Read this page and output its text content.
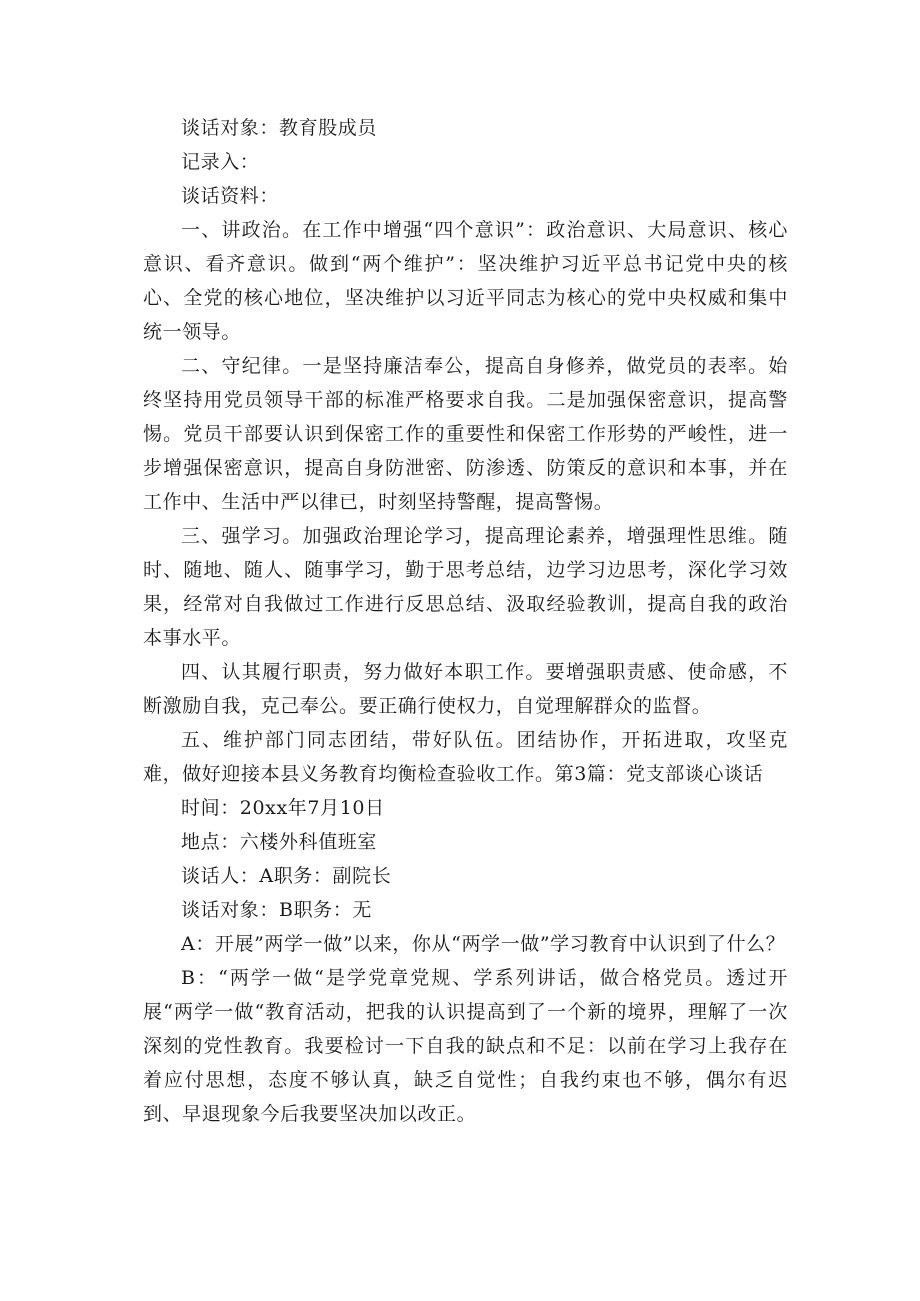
谈话对象：教育股成员

记录入：

谈话资料：

一、讲政治。在工作中增强“四个意识”：政治意识、大局意识、核心意识、看齐意识。做到“两个维护”：坚决维护习近平总书记党中央的核心、全党的核心地位，坚决维护以习近平同志为核心的党中央权威和集中统一领导。

二、守纪律。一是坚持廉洁奉公，提高自身修养，做党员的表率。始终坚持用党员领导干部的标准严格要求自我。二是加强保密意识，提高警惕。党员干部要认识到保密工作的重要性和保密工作形势的严峻性，进一步增强保密意识，提高自身防泄密、防渗透、防策反的意识和本事，并在工作中、生活中严以律已，时刻坚持警醒，提高警惕。

三、强学习。加强政治理论学习，提高理论素养，增强理性思维。随时、随地、随人、随事学习，勤于思考总结，边学习边思考，深化学习效果，经常对自我做过工作进行反思总结、汲取经验教训，提高自我的政治本事水平。

四、认其履行职责，努力做好本职工作。要增强职责感、使命感，不断激励自我，克己奉公。要正确行使权力，自觉理解群众的监督。

五、维护部门同志团结，带好队伍。团结协作，开拓进取，攻坚克难，做好迎接本县义务教育均衡检查验收工作。第3篇：党支部谈心谈话

时间：20xx年7月10日

地点：六楼外科值班室

谈话人：A职务：副院长

谈话对象：B职务：无

A：开展”两学一做”以来，你从“两学一做”学习教育中认识到了什么？

B：“两学一做“是学党章党规、学系列讲话，做合格党员。透过开展“两学一做“教育活动，把我的认识提高到了一个新的境界，理解了一次深刻的党性教育。我要检讨一下自我的缺点和不足：以前在学习上我存在着应付思想，态度不够认真，缺乏自觉性；自我约束也不够，偶尔有迟到、早退现象今后我要坚决加以改正。
